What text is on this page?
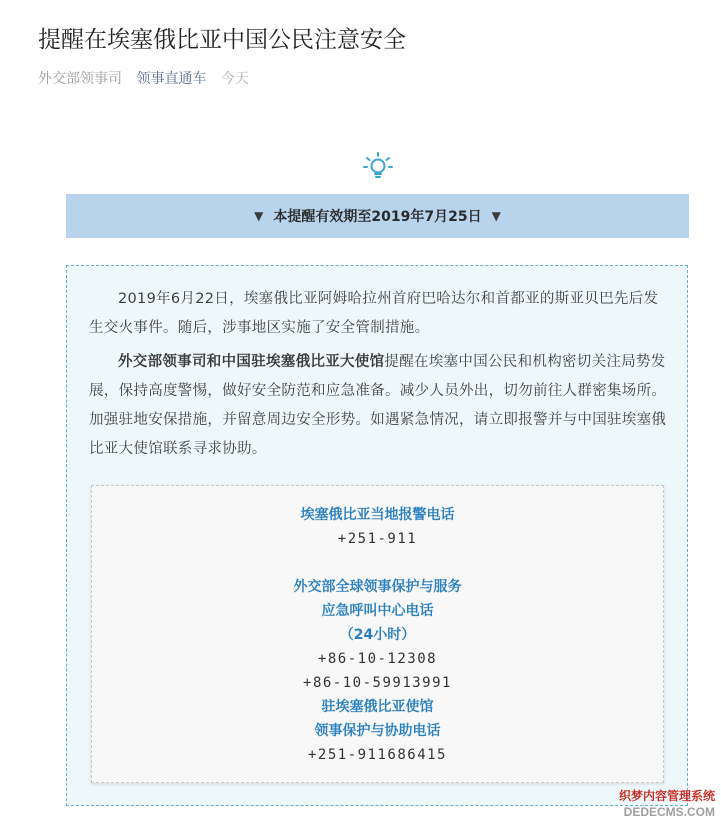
提醒在埃塞俄比亚中国公民注意安全
外交部领事司 领事直通车 今天
▼ 本提醒有效期至2019年7月25日 ▼
2019年6月22日，埃塞俄比亚阿姆哈拉州首府巴哈达尔和首都亚的斯亚贝巴先后发生交火事件。随后，涉事地区实施了安全管制措施。
外交部领事司和中国驻埃塞俄比亚大使馆提醒在埃塞中国公民和机构密切关注局势发展，保持高度警惕，做好安全防范和应急准备。减少人员外出，切勿前往人群密集场所。加强驻地安保措施，并留意周边安全形势。如遇紧急情况，请立即报警并与中国驻埃塞俄比亚大使馆联系寻求协助。
埃塞俄比亚当地报警电话
+251-911
外交部全球领事保护与服务
应急呼叫中心电话
（24小时）
+86-10-12308
+86-10-59913991
驻埃塞俄比亚使馆
领事保护与协助电话
+251-911686415
织梦内容管理系统
DEDECMS.COM
